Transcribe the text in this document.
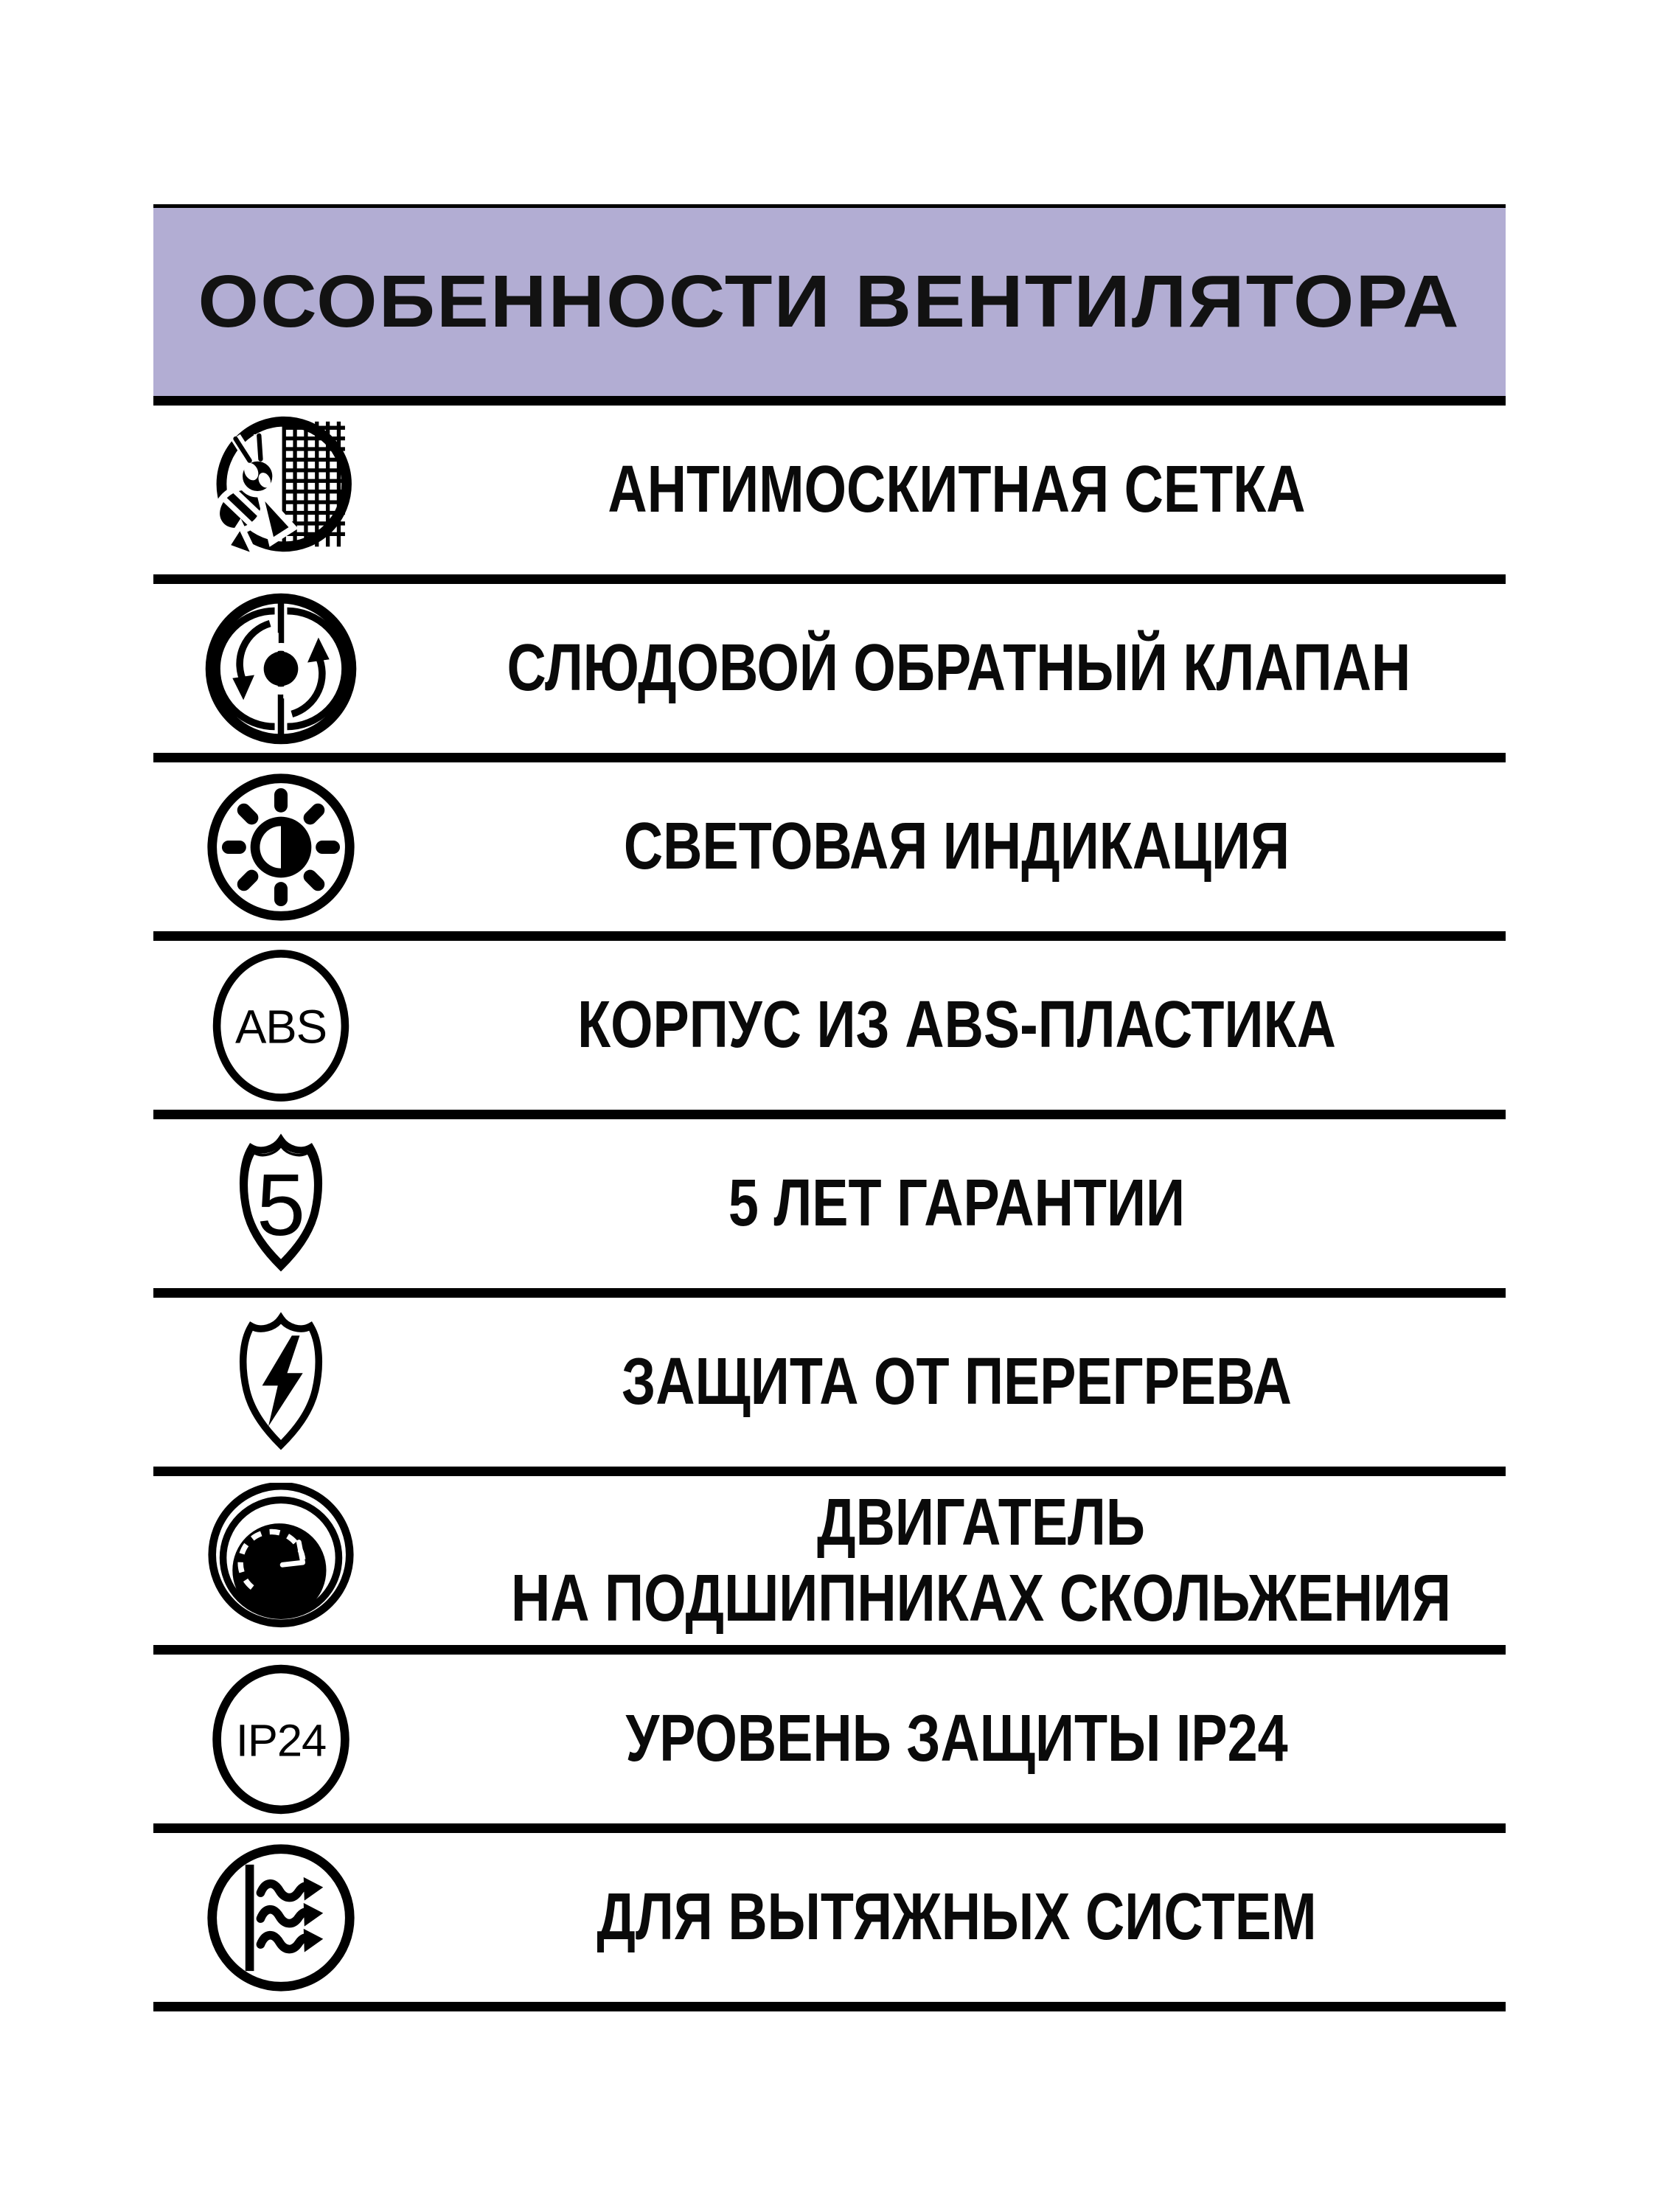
ОСОБЕННОСТИ ВЕНТИЛЯТОРА
АНТИМОСКИТНАЯ СЕТКА
СЛЮДОВОЙ ОБРАТНЫЙ КЛАПАН
СВЕТОВАЯ ИНДИКАЦИЯ
ABS	КОРПУС ИЗ ABS-ПЛАСТИКА
5	5 ЛЕТ ГАРАНТИИ
ЗАЩИТА ОТ ПЕРЕГРЕВА
ДВИГАТЕЛЬ
НА ПОДШИПНИКАХ СКОЛЬЖЕНИЯ
IP24	УРОВЕНЬ ЗАЩИТЫ IP24
ДЛЯ ВЫТЯЖНЫХ СИСТЕМ
